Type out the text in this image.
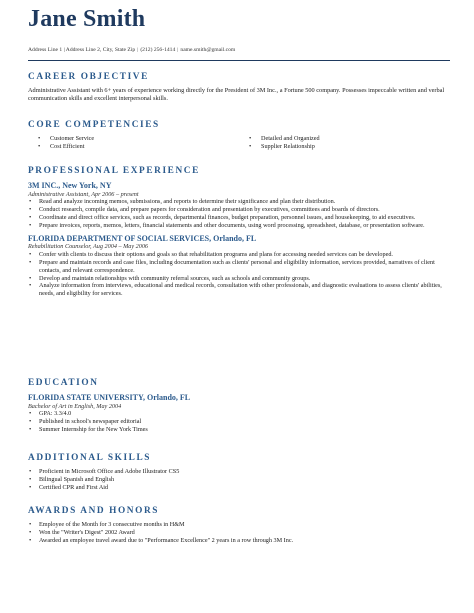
Jane Smith
Address Line 1 | Address Line 2, City, State Zip | (212) 256-1414 | name.smith@gmail.com
CAREER OBJECTIVE
Administrative Assistant with 6+ years of experience working directly for the President of 3M Inc., a Fortune 500 company. Possesses impeccable written and verbal communication skills and excellent interpersonal skills.
CORE COMPETENCIES
• Customer Service
• Cost Efficient
• Detailed and Organized
• Supplier Relationship
PROFESSIONAL EXPERIENCE
3M INC., New York, NY
Administrative Assistant, Apr 2006 – present
• Read and analyze incoming memos, submissions, and reports to determine their significance and plan their distribution.
• Conduct research, compile data, and prepare papers for consideration and presentation by executives, committees and boards of directors.
• Coordinate and direct office services, such as records, departmental finances, budget preparation, personnel issues, and housekeeping, to aid executives.
• Prepare invoices, reports, memos, letters, financial statements and other documents, using word processing, spreadsheet, database, or presentation software.
FLORIDA DEPARTMENT OF SOCIAL SERVICES, Orlando, FL
Rehabilitation Counselor, Aug 2004 – May 2006
• Confer with clients to discuss their options and goals so that rehabilitation programs and plans for accessing needed services can be developed.
• Prepare and maintain records and case files, including documentation such as clients' personal and eligibility information, services provided, narratives of client contacts, and relevant correspondence.
• Develop and maintain relationships with community referral sources, such as schools and community groups.
• Analyze information from interviews, educational and medical records, consultation with other professionals, and diagnostic evaluations to assess clients' abilities, needs, and eligibility for services.
EDUCATION
FLORIDA STATE UNIVERSITY, Orlando, FL
Bachelor of Art in English, May 2004
• GPA: 3.3/4.0
• Published in school's newspaper editorial
• Summer Internship for the New York Times
ADDITIONAL SKILLS
• Proficient in Microsoft Office and Adobe Illustrator CS5
• Bilingual Spanish and English
• Certified CPR and First Aid
AWARDS AND HONORS
• Employee of the Month for 3 consecutive months in H&M
• Won the "Writer's Digest" 2002 Award
• Awarded an employee travel award due to "Performance Excellence" 2 years in a row through 3M Inc.
